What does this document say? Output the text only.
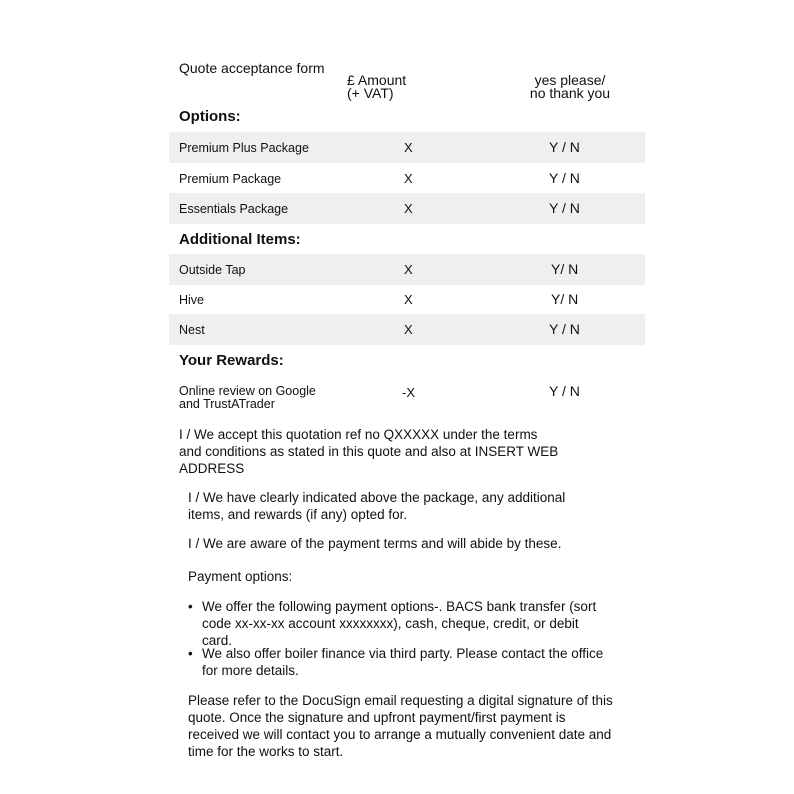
Quote acceptance form
£ Amount
(+ VAT)
yes please/
no thank you
Options:
Premium Plus Package	X	Y / N
Premium Package	X	Y / N
Essentials Package	X	Y / N
Additional Items:
Outside Tap	X	Y/ N
Hive	X	Y/ N
Nest	X	Y / N
Your Rewards:
Online review on Google
and TrustATrader
-X	Y / N
I / We accept this quotation ref no QXXXXX under the terms and conditions as stated in this quote and also at INSERT WEB ADDRESS
I / We have clearly indicated above the package, any additional items, and rewards (if any) opted for.
I / We are aware of the payment terms and will abide by these.
Payment options:
• We offer the following payment options-. BACS bank transfer (sort code xx-xx-xx account xxxxxxxx), cash, cheque, credit, or debit card.
• We also offer boiler finance via third party. Please contact the office for more details.
Please refer to the DocuSign email requesting a digital signature of this quote. Once the signature and upfront payment/first payment is received we will contact you to arrange a mutually convenient date and time for the works to start.
